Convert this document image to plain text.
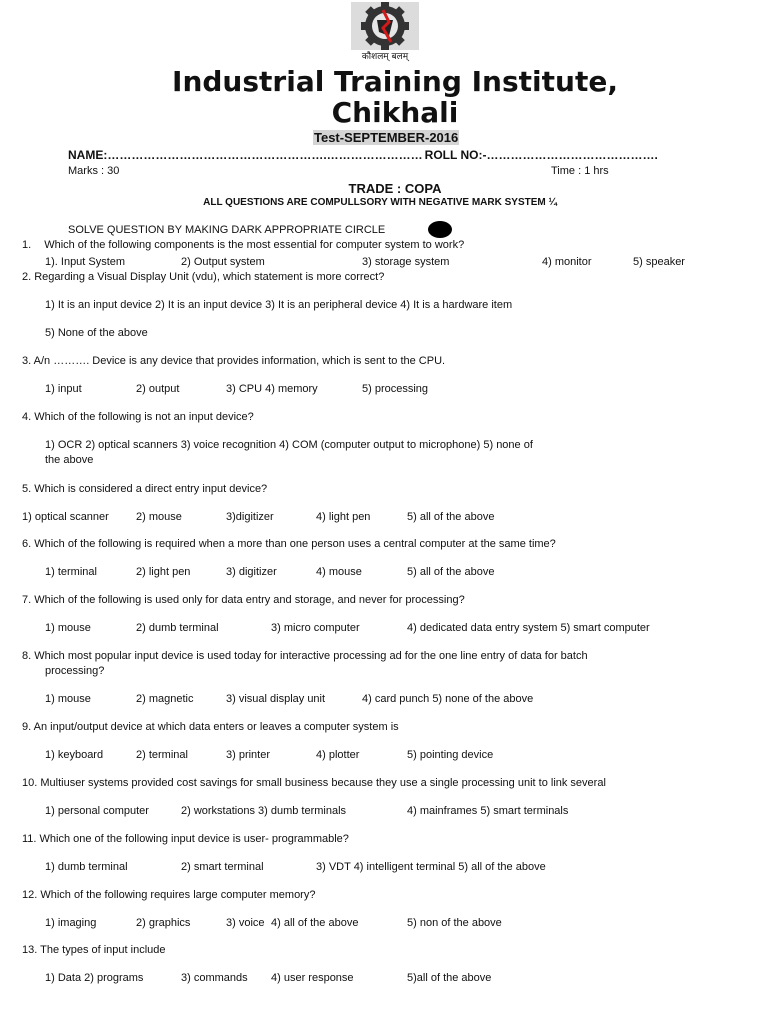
कौशलम् बलम्
Industrial Training Institute,
Chikhali
Test-SEPTEMBER-2016
NAME:……………………………………………….…………………… ROLL NO:-…………………………………….
Marks : 30	Time : 1 hrs
TRADE : COPA
ALL QUESTIONS ARE COMPULLSORY WITH NEGATIVE MARK SYSTEM ¼
SOLVE QUESTION BY MAKING DARK APPROPRIATE CIRCLE
1. Which of the following components is the most essential for computer system to work?
1). Input System	2) Output system	3) storage system	4) monitor	5) speaker
2. Regarding a Visual Display Unit (vdu), which statement is more correct?
1) It is an input device 2) It is an input device 3) It is an peripheral device 4) It is a hardware item
5) None of the above
3. A/n ………. Device is any device that provides information, which is sent to the CPU.
1) input	2) output	3) CPU 4) memory	5) processing
4. Which of the following is not an input device?
1) OCR 2) optical scanners 3) voice recognition 4) COM (computer output to microphone) 5) none of
the above
5. Which is considered a direct entry input device?
1) optical scanner 2) mouse	3)digitizer	4) light pen	5) all of the above
6. Which of the following is required when a more than one person uses a central computer at the same time?
1) terminal	2) light pen	3) digitizer	4) mouse	5) all of the above
7. Which of the following is used only for data entry and storage, and never for processing?
1) mouse	2) dumb terminal	3) micro computer	4) dedicated data entry system 5) smart computer
8. Which most popular input device is used today for interactive processing ad for the one line entry of data for batch
processing?
1) mouse	2) magnetic	3) visual display unit	4) card punch 5) none of the above
9. An input/output device at which data enters or leaves a computer system is
1) keyboard	2) terminal	3) printer	4) plotter	5) pointing device
10. Multiuser systems provided cost savings for small business because they use a single processing unit to link several
1) personal computer	2) workstations 3) dumb terminals	4) mainframes 5) smart terminals
11. Which one of the following input device is user- programmable?
1) dumb terminal	2) smart terminal	3) VDT 4) intelligent terminal 5) all of the above
12. Which of the following requires large computer memory?
1) imaging	2) graphics	3) voice 4) all of the above	5) non of the above
13. The types of input include
1) Data 2) programs	3) commands 4) user response	5)all of the above
